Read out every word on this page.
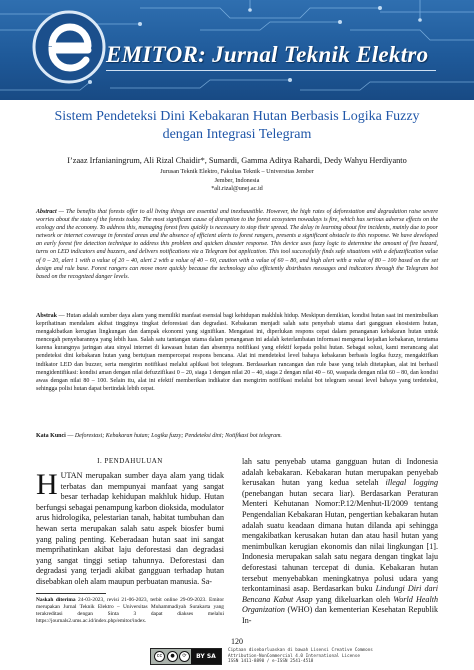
EMITOR: Jurnal Teknik Elektro
Sistem Pendeteksi Dini Kebakaran Hutan Berbasis Logika Fuzzy
dengan Integrasi Telegram
I’zaaz Irfanianingrum, Ali Rizal Chaidir*, Sumardi, Gamma Aditya Rahardi, Dedy Wahyu Herdiyanto
Jurusan Teknik Elektro, Fakultas Teknik – Universitas Jember
Jember, Indonesia
*ali.rizal@unej.ac.id
Abstract — The benefits that forests offer to all living things are essential and inexhaustible. However, the high rates of deforestation and degradation raise severe worries about the state of the forests today. The most significant cause of disruption to the forest ecosystem nowadays is fire, which has serious adverse effects on the ecology and the economy. To address this, managing forest fires quickly is necessary to stop their spread. The delay in learning about fire incidents, mainly due to poor network or internet coverage in forested areas and the absence of efficient alerts to forest rangers, presents a significant obstacle to this response. We have developed an early forest fire detection technique to address this problem and quicken disaster response. This device uses fuzzy logic to determine the amount of fire hazard, turns on LED indicators and buzzers, and delivers notifications via a Telegram bot application. This tool successfully finds safe situations with a defuzzification value of 0 – 20, alert 1 with a value of 20 – 40, alert 2 with a value of 40 – 60, caution with a value of 60 – 80, and high alert with a value of 80 – 100 based on the set design and rule base. Forest rangers can move more quickly because the technology also efficiently distributes messages and indicators through the Telegram bot based on the recognized danger levels.
Abstrak — Hutan adalah sumber daya alam yang memiliki manfaat esensial bagi kehidupan makhluk hidup. Meskipun demikian, kondisi hutan saat ini menimbulkan keprihatinan mendalam akibat tingginya tingkat deforestasi dan degradasi. Kebakaran menjadi salah satu penyebab utama dari gangguan ekosistem hutan, mengakibatkan kerugian lingkungan dan dampak ekonomi yang signifikan. Mengatasi ini, diperlukan respons cepat dalam penanganan kebakaran hutan untuk mencegah penyebarannya yang lebih luas. Salah satu tantangan utama dalam penanganan ini adalah keterlambatan informasi mengenai kejadian kebakaran, terutama karena kurangnya jaringan atau sinyal internet di kawasan hutan dan absennya notifikasi yang efektif kepada polisi hutan. Sebagai solusi, kami merancang alat pendeteksi dini kebakaran hutan yang bertujuan mempercepat respons bencana. Alat ini mendeteksi level bahaya kebakaran berbasis logika fuzzy, mengaktifkan indikator LED dan buzzer, serta mengirim notifikasi melalui aplikasi bot telegram. Berdasarkan rancangan dan rule base yang telah ditetapkan, alat ini berhasil mengidentifikasi: kondisi aman dengan nilai defuzzifikasi 0 – 20, siaga 1 dengan nilai 20 – 40, siaga 2 dengan nilai 40 – 60, waspada dengan nilai 60 – 80, dan kondisi awas dengan nilai 80 – 100. Selain itu, alat ini efektif memberikan indikator dan mengirim notifikasi melalui bot telegram sesuai level bahaya yang terdeteksi, sehingga polisi hutan dapat bertindak lebih cepat.
Kata Kunci — Deforestasi; Kebakaran hutan; Logika fuzzy; Pendeteksi dini; Notifikasi bot telegram.
I. PENDAHULUAN
HUTAN merupakan sumber daya alam yang tidak terbatas dan mempunyai manfaat yang sangat besar terhadap kehidupan makhluk hidup. Hutan berfungsi sebagai penampung karbon dioksida, modulator arus hidrologika, pelestarian tanah, habitat tumbuhan dan hewan serta merupakan salah satu aspek biosfer bumi yang paling penting. Keberadaan hutan saat ini sangat memprihatinkan akibat laju deforestasi dan degradasi yang sangat tinggi setiap tahunnya. Deforestasi dan degradasi yang terjadi akibat gangguan terhadap hutan disebabkan oleh alam maupun perbuatan manusia. Sa-
Naskah diterima 24-03-2023, revisi 21-06-2023, terbit online 29-09-2023. Emitor merupakan Jurnal Teknik Elektro – Universitas Muhammadiyah Surakarta yang terakreditasi dengan Sinta 3 dapat diakses melalui https://journals2.ums.ac.id/index.php/emitor/index.
lah satu penyebab utama gangguan hutan di Indonesia adalah kebakaran. Kebakaran hutan merupakan penyebab kerusakan hutan yang kedua setelah illegal logging (penebangan hutan secara liar). Berdasarkan Peraturan Menteri Kehutanan Nomor:P.12/Menhut-II/2009 tentang Pengendalian Kebakaran Hutan, pengertian kebakaran hutan adalah suatu keadaan dimana hutan dilanda api sehingga mengakibatkan kerusakan hutan dan atau hasil hutan yang menimbulkan kerugian ekonomis dan nilai lingkungan [1]. Indonesia merupakan salah satu negara dengan tingkat laju deforestasi tahunan tercepat di dunia. Kebakaran hutan tersebut menyebabkan meningkatnya polusi udara yang terkontaminasi asap. Berdasarkan buku Lindungi Diri dari Bencana Kabut Asap yang dikeluarkan oleh World Health Organization (WHO) dan kementerian Kesehatan Republik In-
120
cc	●	⟳	BY SA
Ciptaan disebarluaskan di bawah Lisensi Creative Commons
Attribution-NonCommercial 4.0 International License
ISSN 1411-8890 / e-ISSN 2541-4518
